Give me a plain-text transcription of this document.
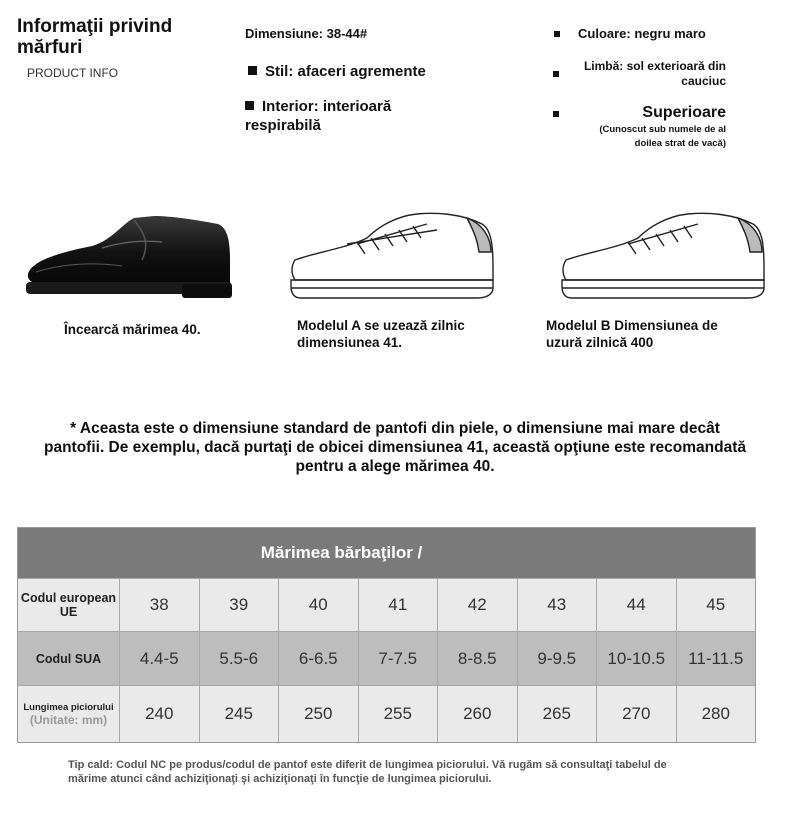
Informaţii privind mărfuri
PRODUCT INFO
Dimensiune: 38-44#
Stil: afaceri agremente
Interior: interioară respirabilă
Culoare: negru maro
Limbă: sol exterioară din cauciuc
Superioare
(Cunoscut sub numele de al doilea strat de vacă)
Încearcă mărimea 40.	Modelul A se uzează zilnic dimensiunea 41.
Modelul B Dimensiunea de uzură zilnică 400
* Aceasta este o dimensiune standard de pantofi din piele, o dimensiune mai mare decât pantofii. De exemplu, dacă purtaţi de obicei dimensiunea 41, această opţiune este recomandată pentru a alege mărimea 40.
Mărimea bărbaţilor /
Codul european UE	38	39	40	41	42	43	44	45
Codul SUA	4.4-5	5.5-6	6-6.5	7-7.5	8-8.5	9-9.5	10-10.5	11-11.5
Lungimea piciorului
(Unitate: mm)	240	245	250	255	260	265	270	280
Tip cald: Codul NC pe produs/codul de pantof este diferit de lungimea piciorului. Vă rugăm să consultaţi tabelul de mărime atunci când achiziţionaţi şi achiziţionaţi în funcţie de lungimea piciorului.
